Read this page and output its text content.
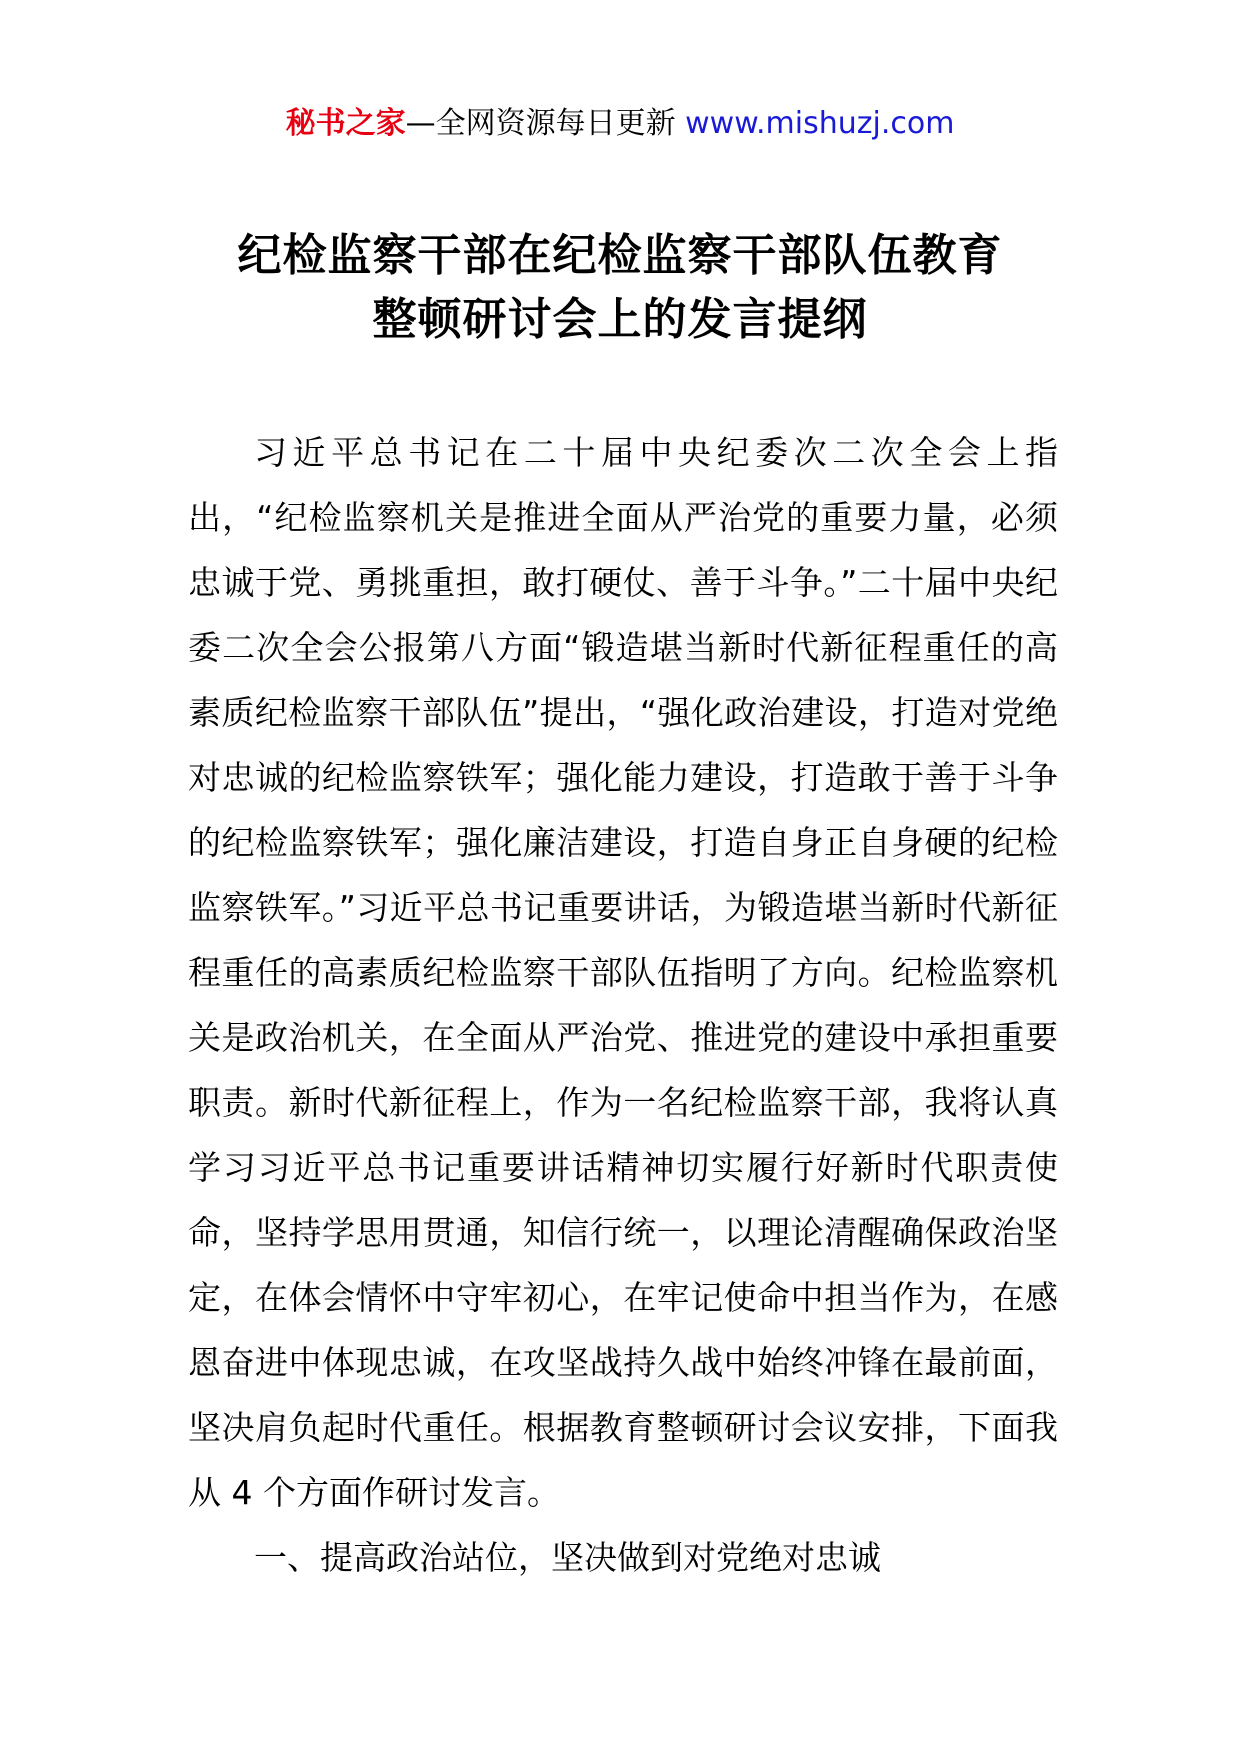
秘书之家—全网资源每日更新 www.mishuzj.com
纪检监察干部在纪检监察干部队伍教育
整顿研讨会上的发言提纲

习近平总书记在二十届中央纪委次二次全会上指出，“纪检监察机关是推进全面从严治党的重要力量，必须忠诚于党、勇挑重担，敢打硬仗、善于斗争。”二十届中央纪委二次全会公报第八方面“锻造堪当新时代新征程重任的高素质纪检监察干部队伍”提出，“强化政治建设，打造对党绝对忠诚的纪检监察铁军；强化能力建设，打造敢于善于斗争的纪检监察铁军；强化廉洁建设，打造自身正自身硬的纪检监察铁军。”习近平总书记重要讲话，为锻造堪当新时代新征程重任的高素质纪检监察干部队伍指明了方向。纪检监察机关是政治机关，在全面从严治党、推进党的建设中承担重要职责。新时代新征程上，作为一名纪检监察干部，我将认真学习习近平总书记重要讲话精神切实履行好新时代职责使命，坚持学思用贯通，知信行统一，以理论清醒确保政治坚定，在体会情怀中守牢初心，在牢记使命中担当作为，在感恩奋进中体现忠诚，在攻坚战持久战中始终冲锋在最前面，坚决肩负起时代重任。根据教育整顿研讨会议安排，下面我从 4 个方面作研讨发言。

一、提高政治站位，坚决做到对党绝对忠诚
